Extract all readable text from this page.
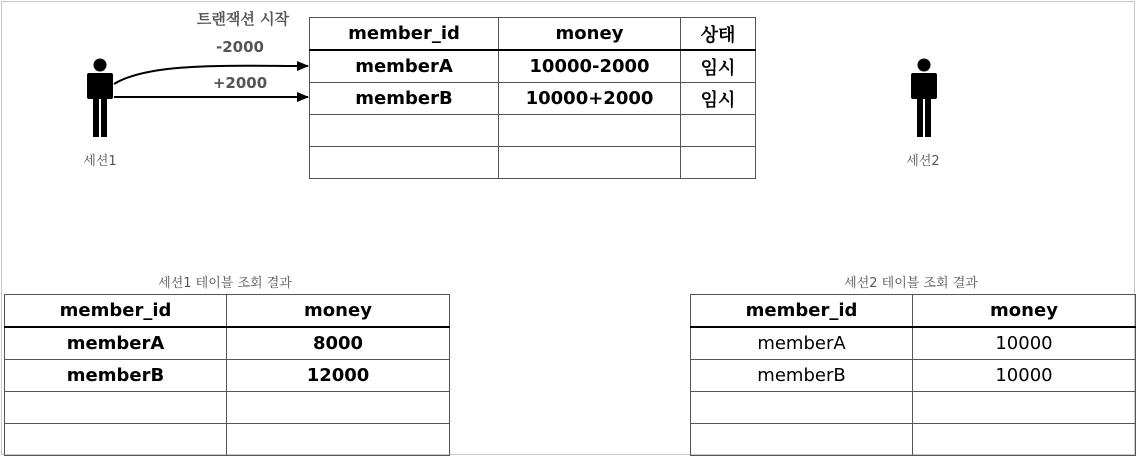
트랜잭션 시작
-2000
+2000
세션1	세션2
member_id	money	상태
memberA	10000-2000	임시
memberB	10000+2000	임시

세션1 테이블 조회 결과
member_id	money
memberA	8000
memberB	12000

세션2 테이블 조회 결과
member_id	money
memberA	10000
memberB	10000
